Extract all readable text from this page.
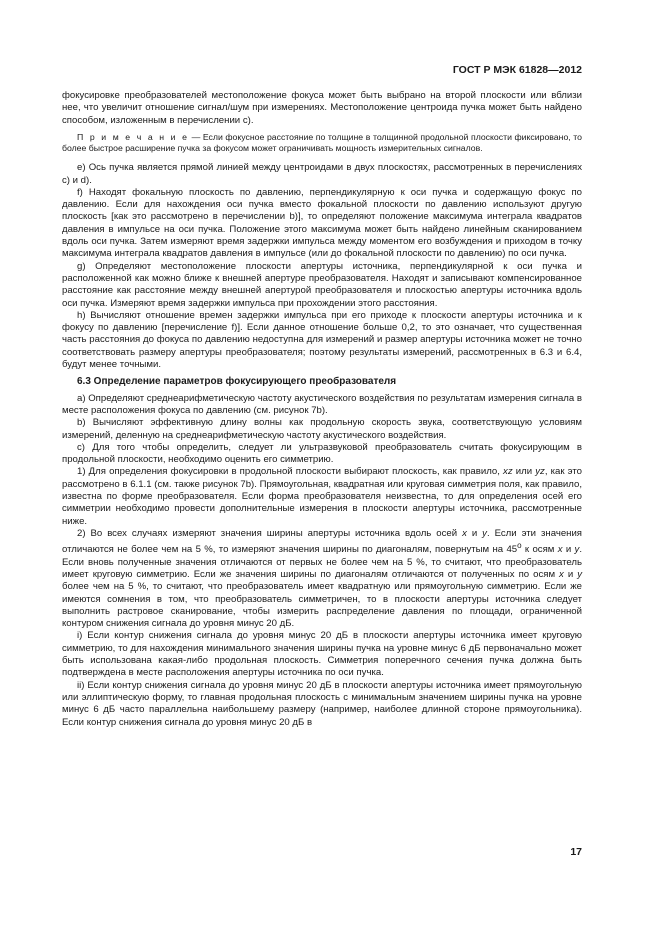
ГОСТ Р МЭК 61828—2012

фокусировке преобразователей местоположение фокуса может быть выбрано на второй плоскости или вблизи нее, что увеличит отношение сигнал/шум при измерениях. Местоположение центроида пучка может быть найдено способом, изложенным в перечислении с).

П р и м е ч а н и е — Если фокусное расстояние по толщине в толщинной продольной плоскости фиксировано, то более быстрое расширение пучка за фокусом может ограничивать мощность измерительных сигналов.

е) Ось пучка является прямой линией между центроидами в двух плоскостях, рассмотренных в перечислениях с) и d).

f) Находят фокальную плоскость по давлению, перпендикулярную к оси пучка и содержащую фокус по давлению. Если для нахождения оси пучка вместо фокальной плоскости по давлению используют другую плоскость [как это рассмотрено в перечислении b)], то определяют положение максимума интеграла квадратов давления в импульсе на оси пучка. Положение этого максимума может быть найдено линейным сканированием вдоль оси пучка. Затем измеряют время задержки импульса между моментом его возбуждения и приходом в точку максимума интеграла квадратов давления в импульсе (или до фокальной плоскости по давлению) по оси пучка.

g) Определяют местоположение плоскости апертуры источника, перпендикулярной к оси пучка и расположенной как можно ближе к внешней апертуре преобразователя. Находят и записывают компенсированное расстояние как расстояние между внешней апертурой преобразователя и плоскостью апертуры источника вдоль оси пучка. Измеряют время задержки импульса при прохождении этого расстояния.

h) Вычисляют отношение времен задержки импульса при его приходе к плоскости апертуры источника и к фокусу по давлению [перечисление f)]. Если данное отношение больше 0,2, то это означает, что существенная часть расстояния до фокуса по давлению недоступна для измерений и размер апертуры источника может не точно соответствовать размеру апертуры преобразователя; поэтому результаты измерений, рассмотренных в 6.3 и 6.4, будут менее точными.

6.3 Определение параметров фокусирующего преобразователя

а) Определяют среднеарифметическую частоту акустического воздействия по результатам измерения сигнала в месте расположения фокуса по давлению (см. рисунок 7b).

b) Вычисляют эффективную длину волны как продольную скорость звука, соответствующую условиям измерений, деленную на среднеарифметическую частоту акустического воздействия.

с) Для того чтобы определить, следует ли ультразвуковой преобразователь считать фокусирующим в продольной плоскости, необходимо оценить его симметрию.

1) Для определения фокусировки в продольной плоскости выбирают плоскость, как правило, xz или yz, как это рассмотрено в 6.1.1 (см. также рисунок 7b). Прямоугольная, квадратная или круговая симметрия поля, как правило, известна по форме преобразователя. Если форма преобразователя неизвестна, то для определения осей его симметрии необходимо провести дополнительные измерения в плоскости апертуры источника, рассмотренные ниже.

2) Во всех случаях измеряют значения ширины апертуры источника вдоль осей x и y. Если эти значения отличаются не более чем на 5 %, то измеряют значения ширины по диагоналям, повернутым на 45$^o$ к осям x и y. Если вновь полученные значения отличаются от первых не более чем на 5 %, то считают, что преобразователь имеет круговую симметрию. Если же значения ширины по диагоналям отличаются от полученных по осям x и y более чем на 5 %, то считают, что преобразователь имеет квадратную или прямоугольную симметрию. Если же имеются сомнения в том, что преобразователь симметричен, то в плоскости апертуры источника следует выполнить растровое сканирование, чтобы измерить распределение давления по площади, ограниченной контуром снижения сигнала до уровня минус 20 дБ.

i) Если контур снижения сигнала до уровня минус 20 дБ в плоскости апертуры источника имеет круговую симметрию, то для нахождения минимального значения ширины пучка на уровне минус 6 дБ первоначально может быть использована какая-либо продольная плоскость. Симметрия поперечного сечения пучка должна быть подтверждена в месте расположения апертуры источника по оси пучка.

ii) Если контур снижения сигнала до уровня минус 20 дБ в плоскости апертуры источника имеет прямоугольную или эллиптическую форму, то главная продольная плоскость с минимальным значением ширины пучка на уровне минус 6 дБ часто параллельна наибольшему размеру (например, наиболее длинной стороне прямоугольника). Если контур снижения сигнала до уровня минус 20 дБ в

17
